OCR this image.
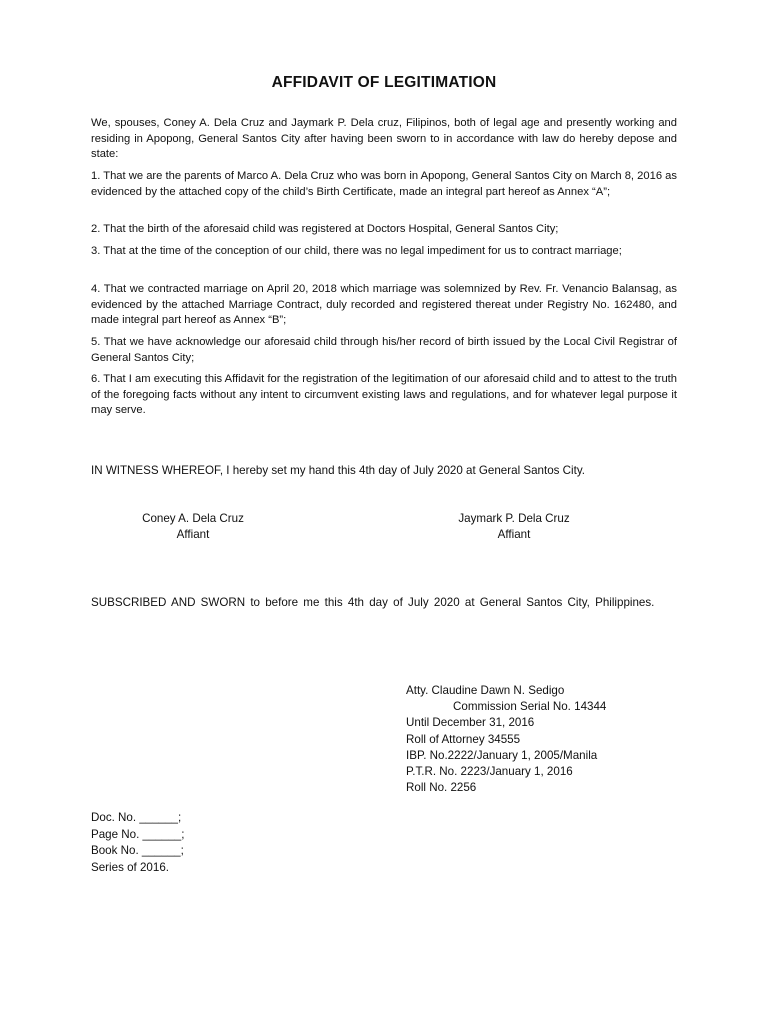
AFFIDAVIT OF LEGITIMATION
We, spouses, Coney A. Dela Cruz and Jaymark P. Dela cruz, Filipinos, both of legal age and presently working and residing in Apopong, General Santos City after having been sworn to in accordance with law do hereby depose and state:
1. That we are the parents of Marco A. Dela Cruz who was born in Apopong, General Santos City on March 8, 2016 as evidenced by the attached copy of the child’s Birth Certificate, made an integral part hereof as Annex “A”;
2. That the birth of the aforesaid child was registered at Doctors Hospital, General Santos City;
3. That at the time of the conception of our child, there was no legal impediment for us to contract marriage;
4. That we contracted marriage on April 20, 2018 which marriage was solemnized by Rev. Fr. Venancio Balansag, as evidenced by the attached Marriage Contract, duly recorded and registered thereat under Registry No. 162480, and made integral part hereof as Annex “B”;
5. That we have acknowledge our aforesaid child through his/her record of birth issued by the Local Civil Registrar of General Santos City;
6. That I am executing this Affidavit for the registration of the legitimation of our aforesaid child and to attest to the truth of the foregoing facts without any intent to circumvent existing laws and regulations, and for whatever legal purpose it may serve.
IN WITNESS WHEREOF, I hereby set my hand this 4th day of July 2020 at General Santos City.
Coney A. Dela Cruz
Affiant
Jaymark P. Dela Cruz
Affiant
SUBSCRIBED AND SWORN to before me this 4th day of July 2020 at General Santos City, Philippines.
Atty. Claudine Dawn N. Sedigo
Commission Serial No. 14344
Until December 31, 2016
Roll of Attorney 34555
IBP. No.2222/January 1, 2005/Manila
P.T.R. No. 2223/January 1, 2016
Roll No. 2256
Doc. No. ______;
Page No. ______;
Book No. ______;
Series of 2016.
